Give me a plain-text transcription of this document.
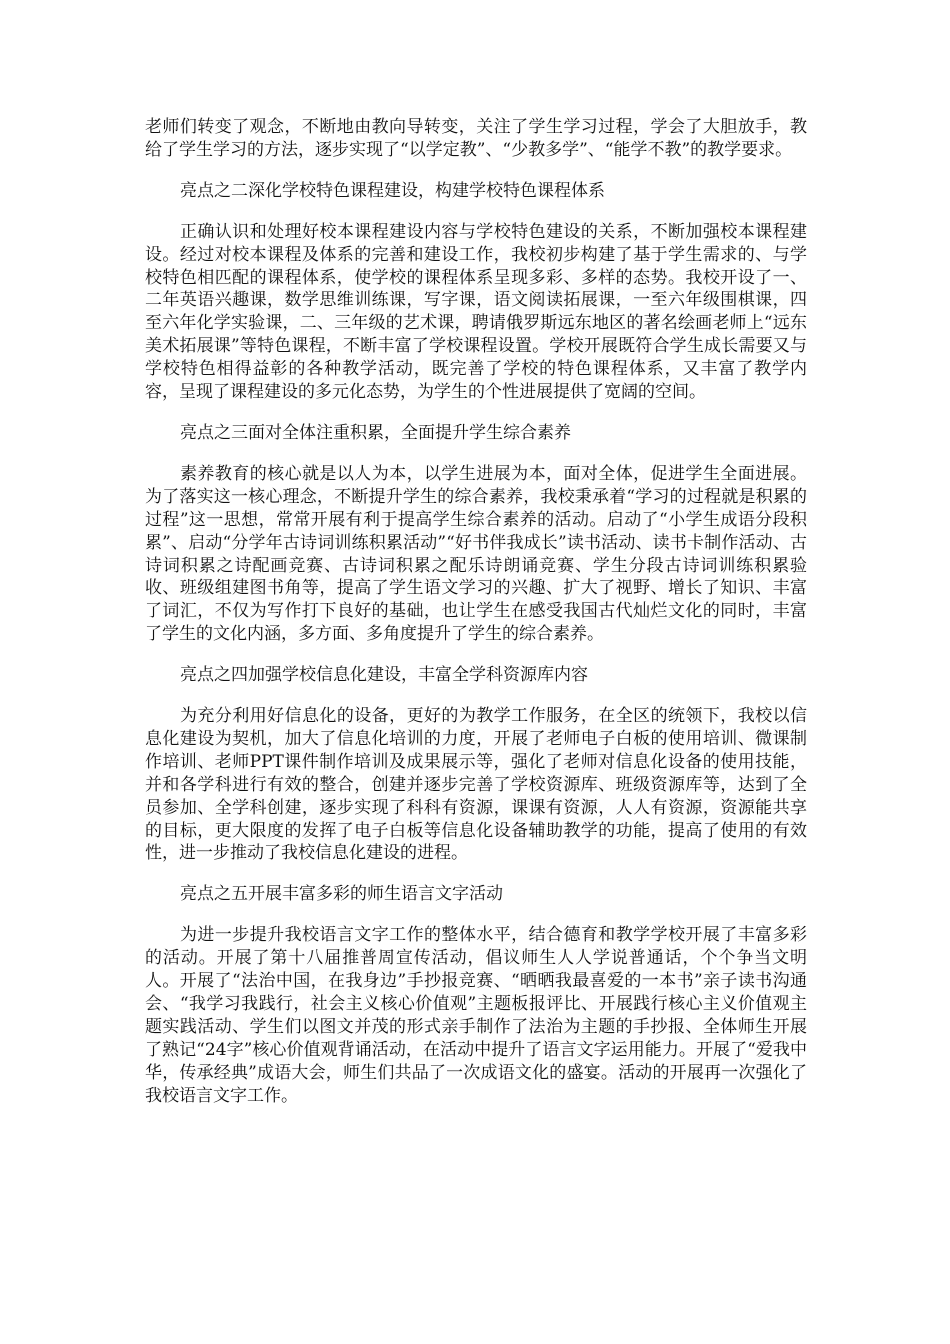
老师们转变了观念，不断地由教向导转变，关注了学生学习过程，学会了大胆放手，教给了学生学习的方法，逐步实现了“以学定教”、“少教多学”、“能学不教”的教学要求。

亮点之二深化学校特色课程建设，构建学校特色课程体系

正确认识和处理好校本课程建设内容与学校特色建设的关系，不断加强校本课程建设。经过对校本课程及体系的完善和建设工作，我校初步构建了基于学生需求的、与学校特色相匹配的课程体系，使学校的课程体系呈现多彩、多样的态势。我校开设了一、二年英语兴趣课，数学思维训练课，写字课，语文阅读拓展课，一至六年级围棋课，四至六年化学实验课，二、三年级的艺术课，聘请俄罗斯远东地区的著名绘画老师上“远东美术拓展课”等特色课程，不断丰富了学校课程设置。学校开展既符合学生成长需要又与学校特色相得益彰的各种教学活动，既完善了学校的特色课程体系，又丰富了教学内容，呈现了课程建设的多元化态势，为学生的个性进展提供了宽阔的空间。

亮点之三面对全体注重积累，全面提升学生综合素养

素养教育的核心就是以人为本，以学生进展为本，面对全体，促进学生全面进展。为了落实这一核心理念，不断提升学生的综合素养，我校秉承着“学习的过程就是积累的过程”这一思想，常常开展有利于提高学生综合素养的活动。启动了“小学生成语分段积累”、启动“分学年古诗词训练积累活动”“好书伴我成长”读书活动、读书卡制作活动、古诗词积累之诗配画竞赛、古诗词积累之配乐诗朗诵竞赛、学生分段古诗词训练积累验收、班级组建图书角等，提高了学生语文学习的兴趣、扩大了视野、增长了知识、丰富了词汇，不仅为写作打下良好的基础，也让学生在感受我国古代灿烂文化的同时，丰富了学生的文化内涵，多方面、多角度提升了学生的综合素养。

亮点之四加强学校信息化建设，丰富全学科资源库内容

为充分利用好信息化的设备，更好的为教学工作服务，在全区的统领下，我校以信息化建设为契机，加大了信息化培训的力度，开展了老师电子白板的使用培训、微课制作培训、老师PPT课件制作培训及成果展示等，强化了老师对信息化设备的使用技能，并和各学科进行有效的整合，创建并逐步完善了学校资源库、班级资源库等，达到了全员参加、全学科创建，逐步实现了科科有资源，课课有资源，人人有资源，资源能共享的目标，更大限度的发挥了电子白板等信息化设备辅助教学的功能，提高了使用的有效性，进一步推动了我校信息化建设的进程。

亮点之五开展丰富多彩的师生语言文字活动

为进一步提升我校语言文字工作的整体水平，结合德育和教学学校开展了丰富多彩的活动。开展了第十八届推普周宣传活动，倡议师生人人学说普通话，个个争当文明人。开展了“法治中国，在我身边”手抄报竞赛、“晒晒我最喜爱的一本书”亲子读书沟通会、“我学习我践行，社会主义核心价值观”主题板报评比、开展践行核心主义价值观主题实践活动、学生们以图文并茂的形式亲手制作了法治为主题的手抄报、全体师生开展了熟记“24字”核心价值观背诵活动，在活动中提升了语言文字运用能力。开展了“爱我中华，传承经典”成语大会，师生们共品了一次成语文化的盛宴。活动的开展再一次强化了我校语言文字工作。
